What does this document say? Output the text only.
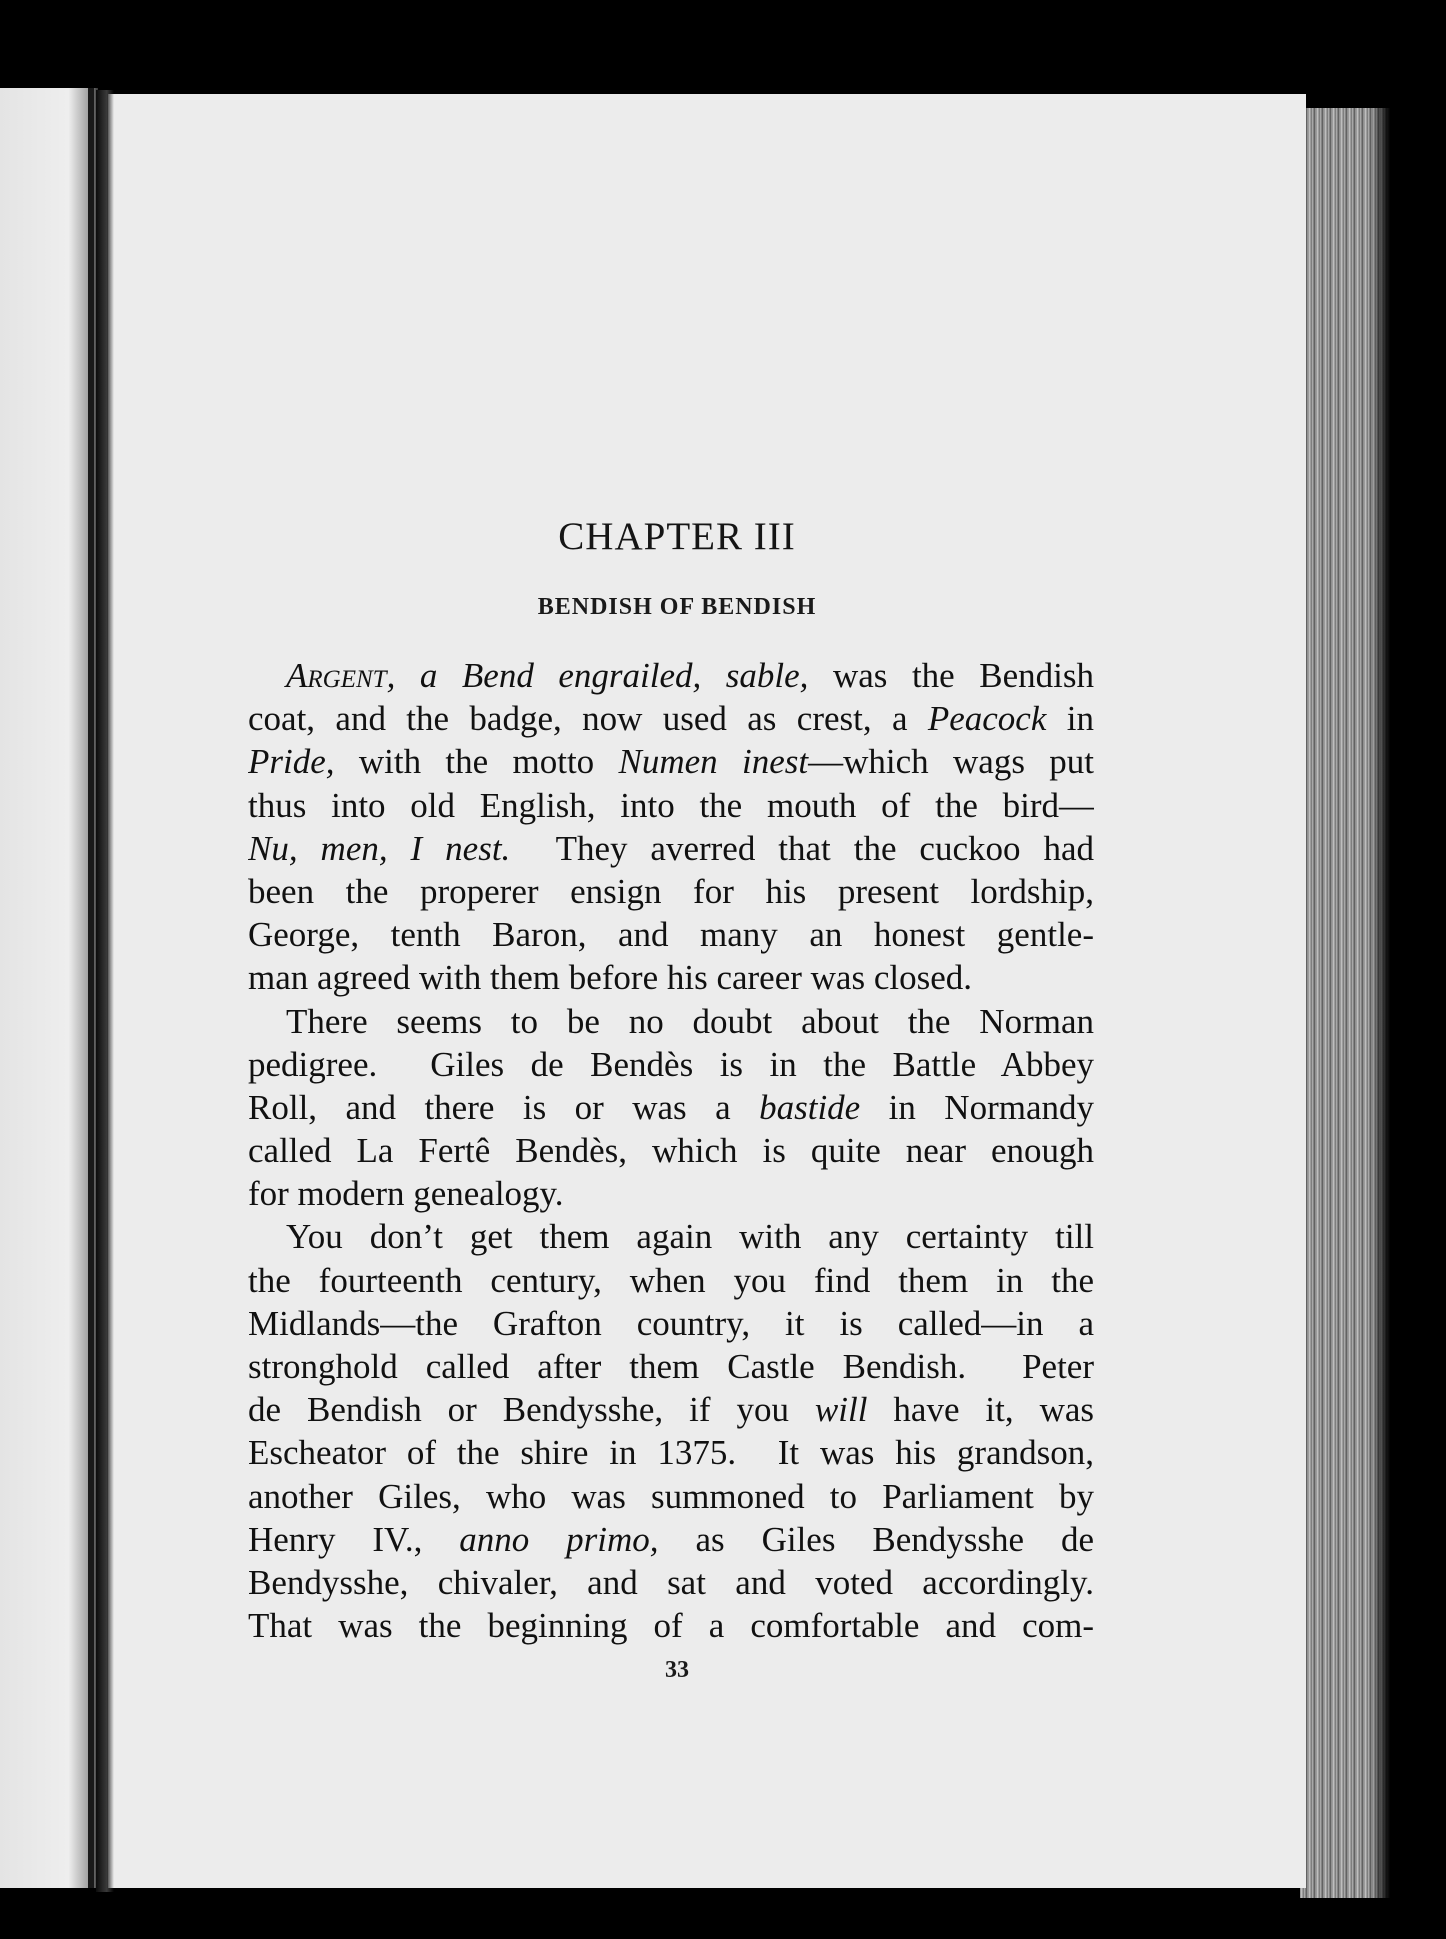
CHAPTER III
BENDISH OF BENDISH
Argent, a Bend engrailed, sable, was the Bendish
coat, and the badge, now used as crest, a Peacock in
Pride, with the motto Numen inest—which wags put
thus into old English, into the mouth of the bird—
Nu, men, I nest.  They averred that the cuckoo had
been the properer ensign for his present lordship,
George, tenth Baron, and many an honest gentle-
man agreed with them before his career was closed.
There seems to be no doubt about the Norman
pedigree.  Giles de Bendès is in the Battle Abbey
Roll, and there is or was a bastide in Normandy
called La Fertê Bendès, which is quite near enough
for modern genealogy.
You don’t get them again with any certainty till
the fourteenth century, when you find them in the
Midlands—the Grafton country, it is called—in a
stronghold called after them Castle Bendish.  Peter
de Bendish or Bendysshe, if you will have it, was
Escheator of the shire in 1375.  It was his grandson,
another Giles, who was summoned to Parliament by
Henry IV., anno primo, as Giles Bendysshe de
Bendysshe, chivaler, and sat and voted accordingly.
That was the beginning of a comfortable and com-
33
